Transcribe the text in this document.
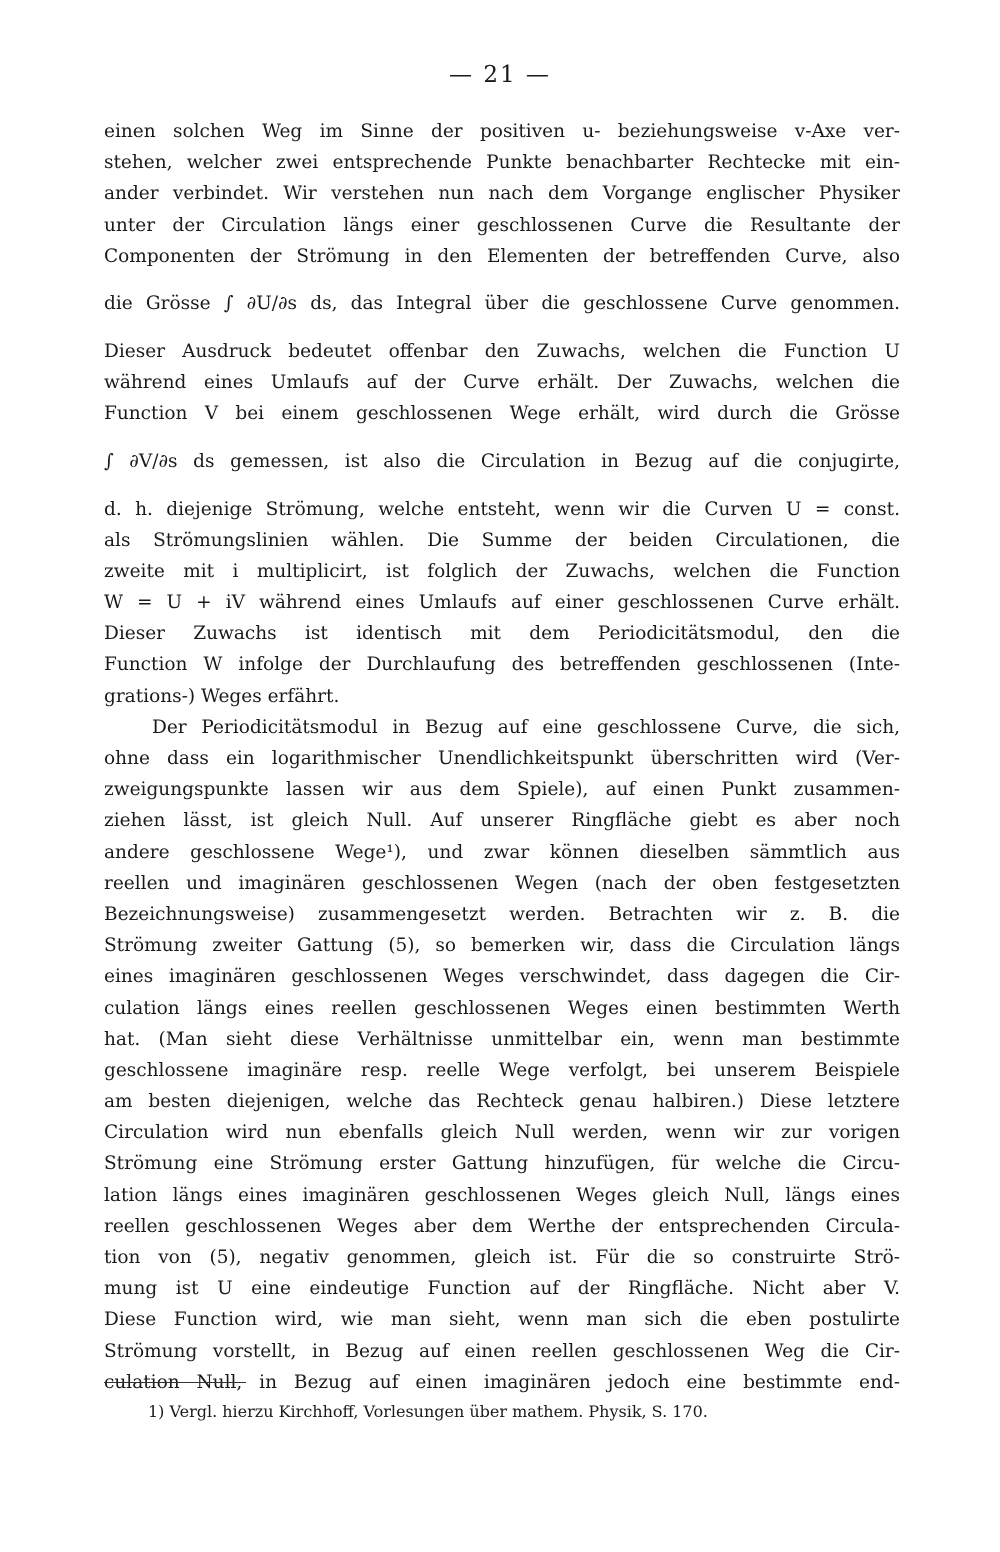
— 21 —
einen solchen Weg im Sinne der positiven u- beziehungsweise v-Axe ver-
stehen, welcher zwei entsprechende Punkte benachbarter Rechtecke mit ein-
ander verbindet. Wir verstehen nun nach dem Vorgange englischer Physiker
unter der Circulation längs einer geschlossenen Curve die Resultante der
Componenten der Strömung in den Elementen der betreffenden Curve, also
die Grösse ∫ ∂U/∂s ds, das Integral über die geschlossene Curve genommen.
Dieser Ausdruck bedeutet offenbar den Zuwachs, welchen die Function U
während eines Umlaufs auf der Curve erhält. Der Zuwachs, welchen die
Function V bei einem geschlossenen Wege erhält, wird durch die Grösse
∫ ∂V/∂s ds gemessen, ist also die Circulation in Bezug auf die conjugirte,
d. h. diejenige Strömung, welche entsteht, wenn wir die Curven U = const.
als Strömungslinien wählen. Die Summe der beiden Circulationen, die
zweite mit i multiplicirt, ist folglich der Zuwachs, welchen die Function
W = U + iV während eines Umlaufs auf einer geschlossenen Curve erhält.
Dieser Zuwachs ist identisch mit dem Periodicitätsmodul, den die
Function W infolge der Durchlaufung des betreffenden geschlossenen (Inte-
grations-) Weges erfährt.
Der Periodicitätsmodul in Bezug auf eine geschlossene Curve, die sich,
ohne dass ein logarithmischer Unendlichkeitspunkt überschritten wird (Ver-
zweigungspunkte lassen wir aus dem Spiele), auf einen Punkt zusammen-
ziehen lässt, ist gleich Null. Auf unserer Ringfläche giebt es aber noch
andere geschlossene Wege¹), und zwar können dieselben sämmtlich aus
reellen und imaginären geschlossenen Wegen (nach der oben festgesetzten
Bezeichnungsweise) zusammengesetzt werden. Betrachten wir z. B. die
Strömung zweiter Gattung (5), so bemerken wir, dass die Circulation längs
eines imaginären geschlossenen Weges verschwindet, dass dagegen die Cir-
culation längs eines reellen geschlossenen Weges einen bestimmten Werth
hat. (Man sieht diese Verhältnisse unmittelbar ein, wenn man bestimmte
geschlossene imaginäre resp. reelle Wege verfolgt, bei unserem Beispiele
am besten diejenigen, welche das Rechteck genau halbiren.) Diese letztere
Circulation wird nun ebenfalls gleich Null werden, wenn wir zur vorigen
Strömung eine Strömung erster Gattung hinzufügen, für welche die Circu-
lation längs eines imaginären geschlossenen Weges gleich Null, längs eines
reellen geschlossenen Weges aber dem Werthe der entsprechenden Circula-
tion von (5), negativ genommen, gleich ist. Für die so construirte Strö-
mung ist U eine eindeutige Function auf der Ringfläche. Nicht aber V.
Diese Function wird, wie man sieht, wenn man sich die eben postulirte
Strömung vorstellt, in Bezug auf einen reellen geschlossenen Weg die Cir-
culation Null, in Bezug auf einen imaginären jedoch eine bestimmte end-
1) Vergl. hierzu Kirchhoff, Vorlesungen über mathem. Physik, S. 170.
